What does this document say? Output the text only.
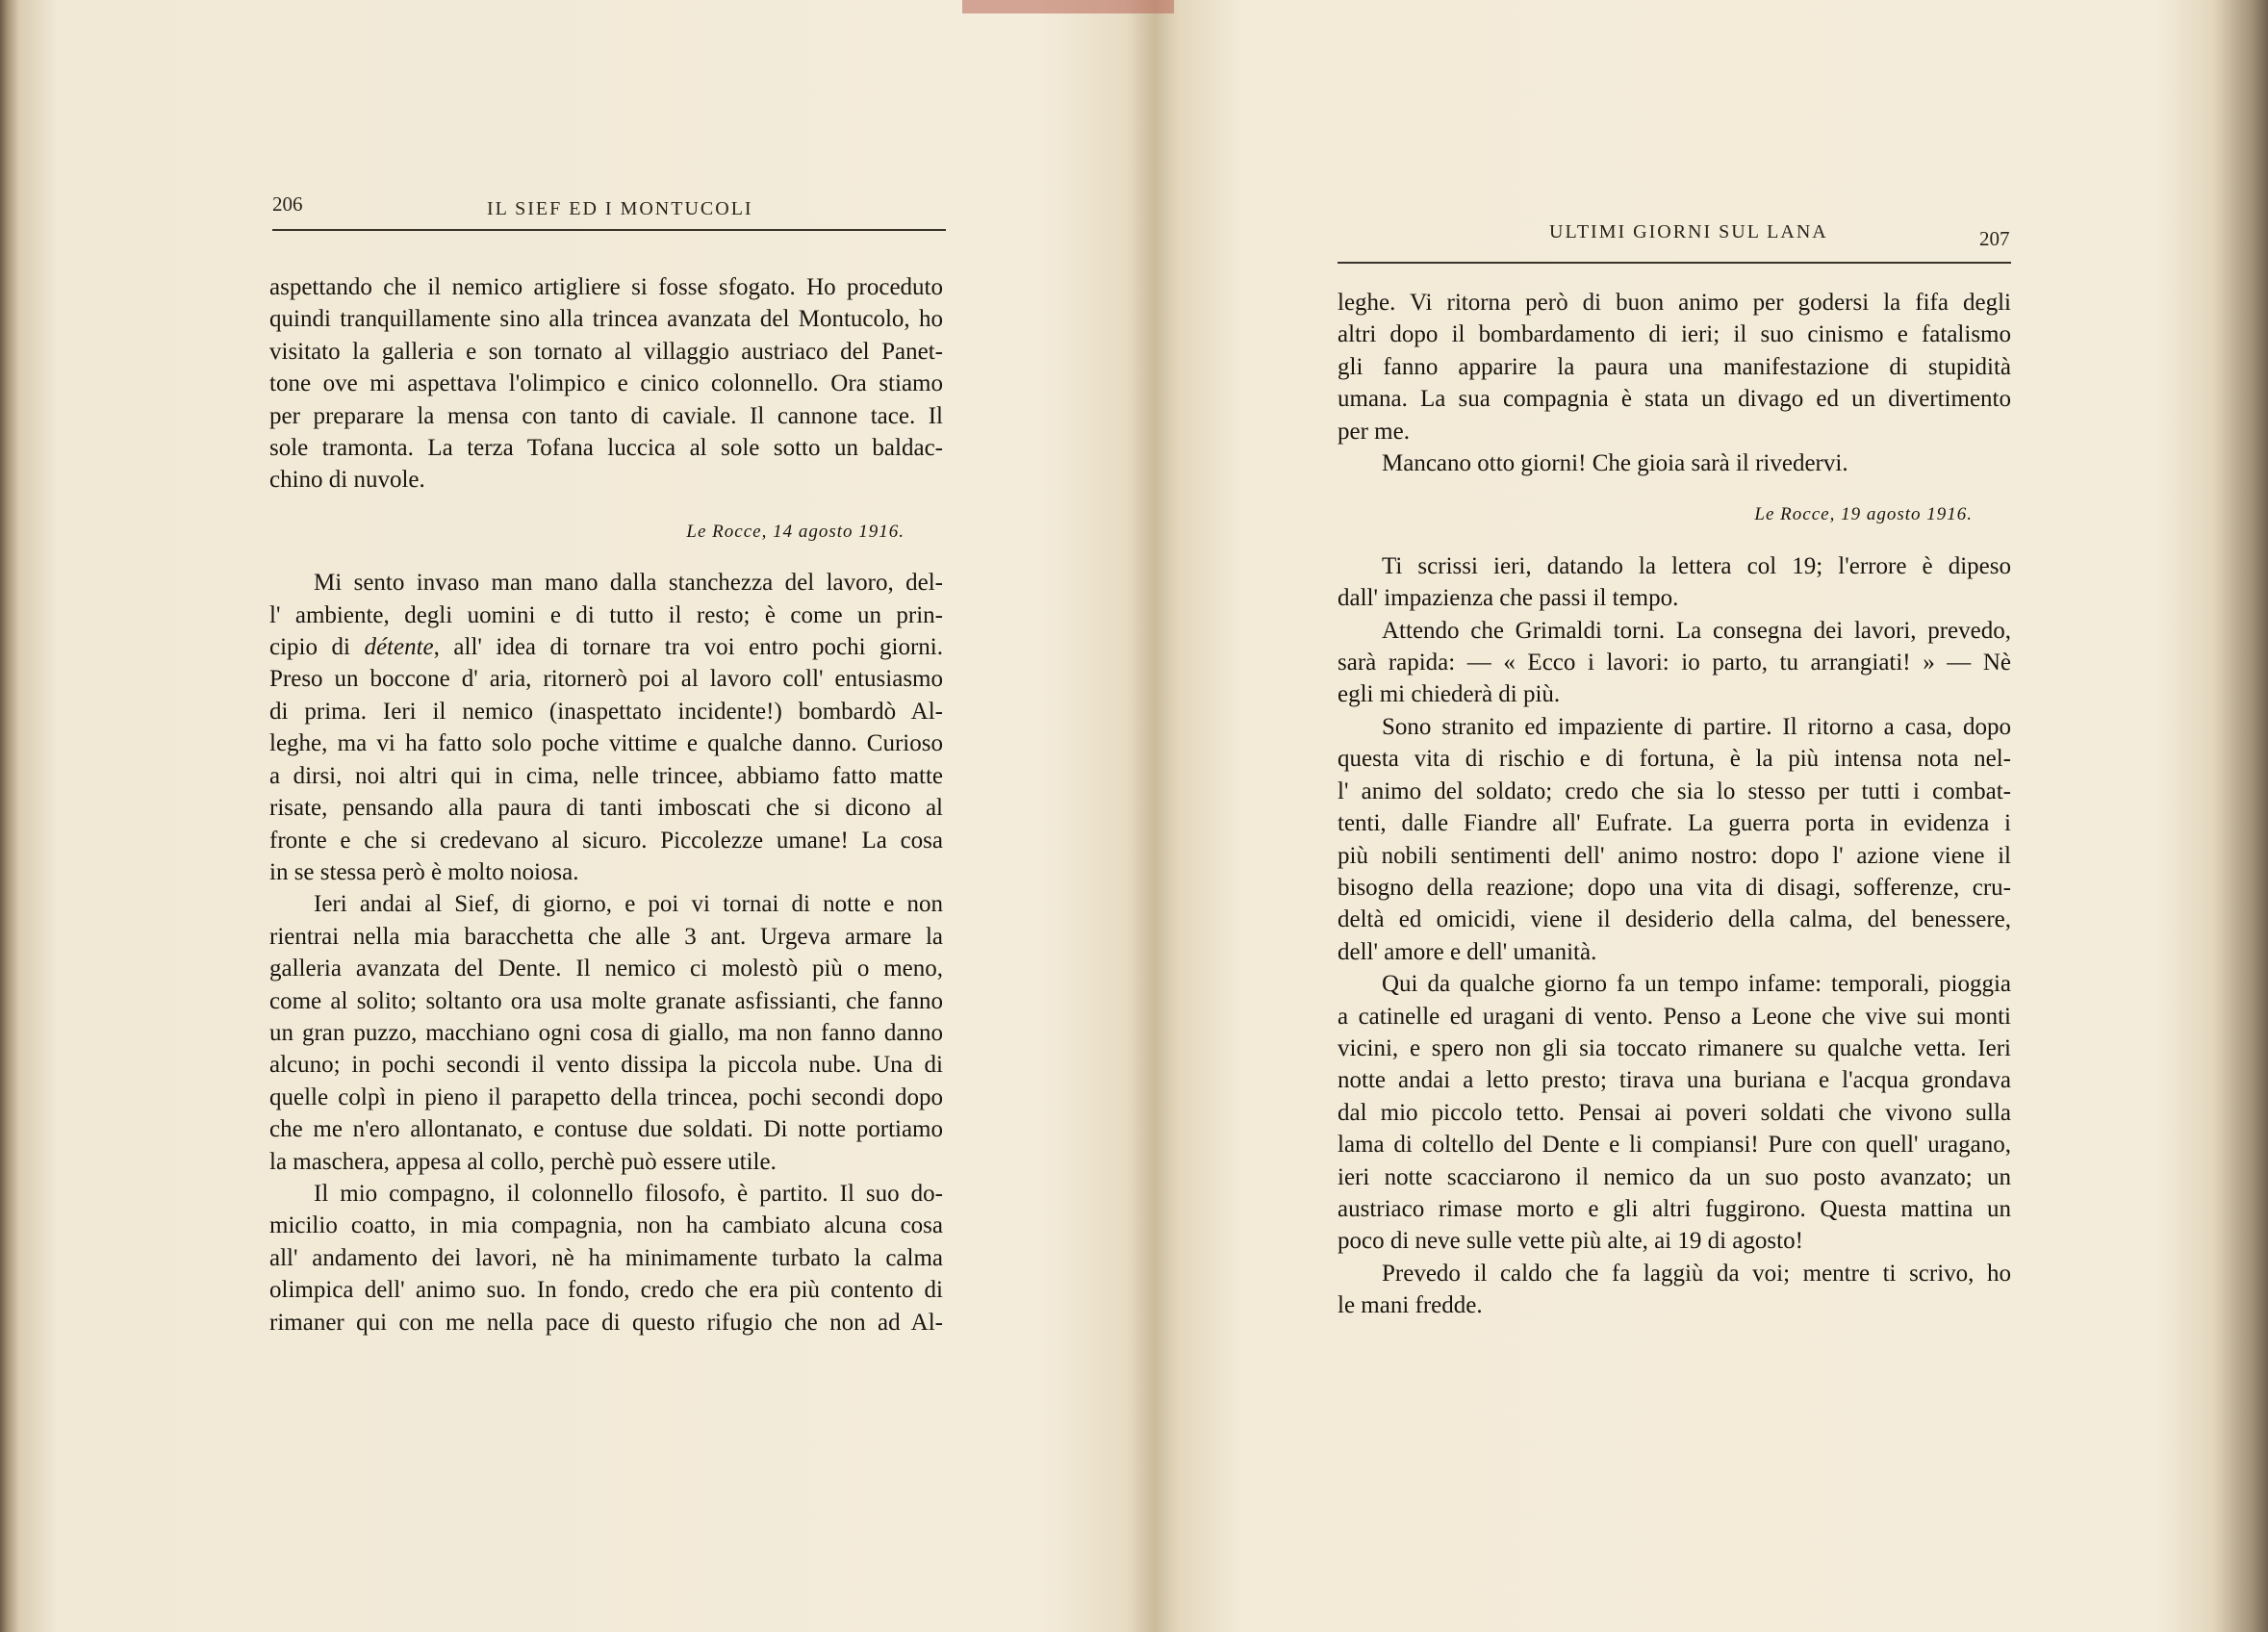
206	IL SIEF ED I MONTUCOLI

aspettando che il nemico artigliere si fosse sfogato. Ho proceduto
quindi tranquillamente sino alla trincea avanzata del Montucolo, ho
visitato la galleria e son tornato al villaggio austriaco del Panet-
tone ove mi aspettava l'olimpico e cinico colonnello. Ora stiamo
per preparare la mensa con tanto di caviale. Il cannone tace. Il
sole tramonta. La terza Tofana luccica al sole sotto un baldac-
chino di nuvole.

Le Rocce, 14 agosto 1916.

Mi sento invaso man mano dalla stanchezza del lavoro, del-
l' ambiente, degli uomini e di tutto il resto; è come un prin-
cipio di détente, all' idea di tornare tra voi entro pochi giorni.
Preso un boccone d' aria, ritornerò poi al lavoro coll' entusiasmo
di prima. Ieri il nemico (inaspettato incidente!) bombardò Al-
leghe, ma vi ha fatto solo poche vittime e qualche danno. Curioso
a dirsi, noi altri qui in cima, nelle trincee, abbiamo fatto matte
risate, pensando alla paura di tanti imboscati che si dicono al
fronte e che si credevano al sicuro. Piccolezze umane! La cosa
in se stessa però è molto noiosa.

Ieri andai al Sief, di giorno, e poi vi tornai di notte e non
rientrai nella mia baracchetta che alle 3 ant. Urgeva armare la
galleria avanzata del Dente. Il nemico ci molestò più o meno,
come al solito; soltanto ora usa molte granate asfissianti, che fanno
un gran puzzo, macchiano ogni cosa di giallo, ma non fanno danno
alcuno; in pochi secondi il vento dissipa la piccola nube. Una di
quelle colpì in pieno il parapetto della trincea, pochi secondi dopo
che me n'ero allontanato, e contuse due soldati. Di notte portiamo
la maschera, appesa al collo, perchè può essere utile.

Il mio compagno, il colonnello filosofo, è partito. Il suo do-
micilio coatto, in mia compagnia, non ha cambiato alcuna cosa
all' andamento dei lavori, nè ha minimamente turbato la calma
olimpica dell' animo suo. In fondo, credo che era più contento di
rimaner qui con me nella pace di questo rifugio che non ad Al-

ULTIMI GIORNI SUL LANA	207

leghe. Vi ritorna però di buon animo per godersi la fifa degli
altri dopo il bombardamento di ieri; il suo cinismo e fatalismo
gli fanno apparire la paura una manifestazione di stupidità
umana. La sua compagnia è stata un divago ed un divertimento
per me.

Mancano otto giorni! Che gioia sarà il rivedervi.

Le Rocce, 19 agosto 1916.

Ti scrissi ieri, datando la lettera col 19; l'errore è dipeso
dall' impazienza che passi il tempo.

Attendo che Grimaldi torni. La consegna dei lavori, prevedo,
sarà rapida: — « Ecco i lavori: io parto, tu arrangiati! » — Nè
egli mi chiederà di più.

Sono stranito ed impaziente di partire. Il ritorno a casa, dopo
questa vita di rischio e di fortuna, è la più intensa nota nel-
l' animo del soldato; credo che sia lo stesso per tutti i combat-
tenti, dalle Fiandre all' Eufrate. La guerra porta in evidenza i
più nobili sentimenti dell' animo nostro: dopo l' azione viene il
bisogno della reazione; dopo una vita di disagi, sofferenze, cru-
deltà ed omicidi, viene il desiderio della calma, del benessere,
dell' amore e dell' umanità.

Qui da qualche giorno fa un tempo infame: temporali, pioggia
a catinelle ed uragani di vento. Penso a Leone che vive sui monti
vicini, e spero non gli sia toccato rimanere su qualche vetta. Ieri
notte andai a letto presto; tirava una buriana e l'acqua grondava
dal mio piccolo tetto. Pensai ai poveri soldati che vivono sulla
lama di coltello del Dente e li compiansi! Pure con quell' uragano,
ieri notte scacciarono il nemico da un suo posto avanzato; un
austriaco rimase morto e gli altri fuggirono. Questa mattina un
poco di neve sulle vette più alte, ai 19 di agosto!

Prevedo il caldo che fa laggiù da voi; mentre ti scrivo, ho
le mani fredde.
